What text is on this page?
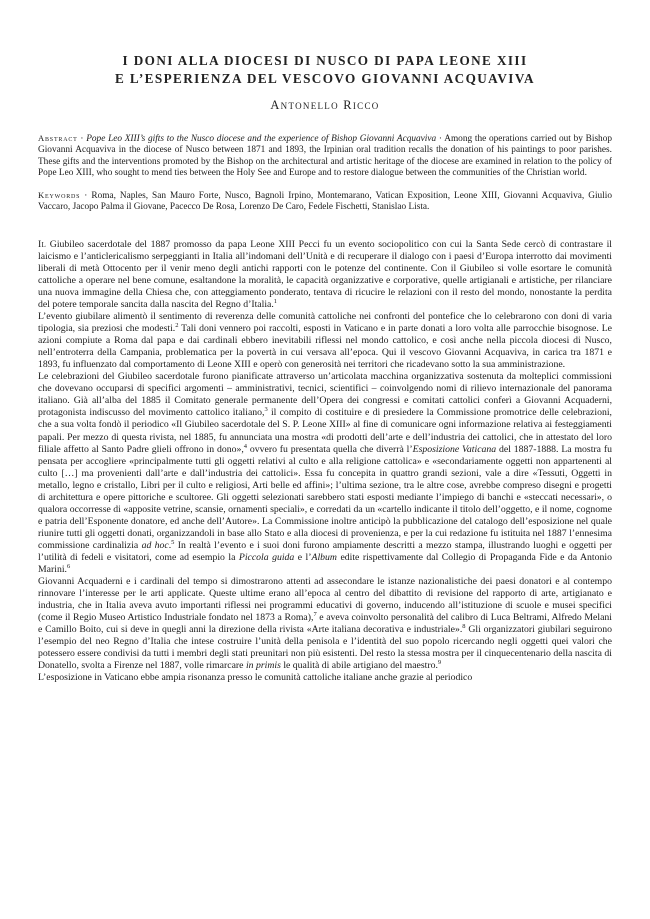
I DONI ALLA DIOCESI DI NUSCO DI PAPA LEONE XIII
E L’ESPERIENZA DEL VESCOVO GIOVANNI ACQUAVIVA
Antonello Ricco

Abstract · Pope Leo XIII’s gifts to the Nusco diocese and the experience of Bishop Giovanni Acquaviva · Among the operations carried out by Bishop Giovanni Acquaviva in the diocese of Nusco between 1871 and 1893, the Irpinian oral tradition recalls the donation of his paintings to poor parishes. These gifts and the interventions promoted by the Bishop on the architectural and artistic heritage of the diocese are examined in relation to the policy of Pope Leo XIII, who sought to mend ties between the Holy See and Europe and to restore dialogue between the communities of the Christian world.

Keywords · Roma, Naples, San Mauro Forte, Nusco, Bagnoli Irpino, Montemarano, Vatican Exposition, Leone XIII, Giovanni Acquaviva, Giulio Vaccaro, Jacopo Palma il Giovane, Pacecco De Rosa, Lorenzo De Caro, Fedele Fischetti, Stanislao Lista.

Il Giubileo sacerdotale del 1887 promosso da papa Leone XIII Pecci fu un evento sociopolitico con cui la Santa Sede cercò di contrastare il laicismo e l’anticlericalismo serpeggianti in Italia all’indomani dell’Unità e di recuperare il dialogo con i paesi d’Europa interrotto dai movimenti liberali di metà Ottocento per il venir meno degli antichi rapporti con le potenze del continente. Con il Giubileo si volle esortare le comunità cattoliche a operare nel bene comune, esaltandone la moralità, le capacità organizzative e corporative, quelle artigianali e artistiche, per rilanciare una nuova immagine della Chiesa che, con atteggiamento ponderato, tentava di ricucire le relazioni con il resto del mondo, nonostante la perdita del potere temporale sancita dalla nascita del Regno d’Italia.$^1$

L’evento giubilare alimentò il sentimento di reverenza delle comunità cattoliche nei confronti del pontefice che lo celebrarono con doni di varia tipologia, sia preziosi che modesti.$^2$ Tali doni vennero poi raccolti, esposti in Vaticano e in parte donati a loro volta alle parrocchie bisognose. Le azioni compiute a Roma dal papa e dai cardinali ebbero inevitabili riflessi nel mondo cattolico, e così anche nella piccola diocesi di Nusco, nell’entroterra della Campania, problematica per la povertà in cui versava all’epoca. Qui il vescovo Giovanni Acquaviva, in carica tra 1871 e 1893, fu influenzato dal comportamento di Leone XIII e operò con generosità nei territori che ricadevano sotto la sua amministrazione.

Le celebrazioni del Giubileo sacerdotale furono pianificate attraverso un’articolata macchina organizzativa sostenuta da molteplici commissioni che dovevano occuparsi di specifici argomenti – amministrativi, tecnici, scientifici – coinvolgendo nomi di rilievo internazionale del panorama italiano. Già all’alba del 1885 il Comitato generale permanente dell’Opera dei congressi e comitati cattolici conferì a Giovanni Acquaderni, protagonista indiscusso del movimento cattolico italiano,$^3$ il compito di costituire e di presiedere la Commissione promotrice delle celebrazioni, che a sua volta fondò il periodico «Il Giubileo sacerdotale del S. P. Leone XIII» al fine di comunicare ogni informazione relativa ai festeggiamenti papali. Per mezzo di questa rivista, nel 1885, fu annunciata una mostra «di prodotti dell’arte e dell’industria dei cattolici, che in attestato del loro filiale affetto al Santo Padre glieli offrono in dono»,$^4$ ovvero fu presentata quella che diverrà l’Esposizione Vaticana del 1887-1888. La mostra fu pensata per accogliere «principalmente tutti gli oggetti relativi al culto e alla religione cattolica» e «secondariamente oggetti non appartenenti al culto […] ma provenienti dall’arte e dall’industria dei cattolici». Essa fu concepita in quattro grandi sezioni, vale a dire «Tessuti, Oggetti in metallo, legno e cristallo, Libri per il culto e religiosi, Arti belle ed affini»; l’ultima sezione, tra le altre cose, avrebbe compreso disegni e progetti di architettura e opere pittoriche e scultoree. Gli oggetti selezionati sarebbero stati esposti mediante l’impiego di banchi e «steccati necessari», o qualora occorresse di «apposite vetrine, scansie, ornamenti speciali», e corredati da un «cartello indicante il titolo dell’oggetto, e il nome, cognome e patria dell’Esponente donatore, ed anche dell’Autore». La Commissione inoltre anticipò la pubblicazione del catalogo dell’esposizione nel quale riunire tutti gli oggetti donati, organizzandoli in base allo Stato e alla diocesi di provenienza, e per la cui redazione fu istituita nel 1887 l’ennesima commissione cardinalizia ad hoc.$^5$ In realtà l’evento e i suoi doni furono ampiamente descritti a mezzo stampa, illustrando luoghi e oggetti per l’utilità di fedeli e visitatori, come ad esempio la Piccola guida e l’Album edite rispettivamente dal Collegio di Propaganda Fide e da Antonio Marini.$^6$

Giovanni Acquaderni e i cardinali del tempo si dimostrarono attenti ad assecondare le istanze nazionalistiche dei paesi donatori e al contempo rinnovare l’interesse per le arti applicate. Queste ultime erano all’epoca al centro del dibattito di revisione del rapporto di arte, artigianato e industria, che in Italia aveva avuto importanti riflessi nei programmi educativi di governo, inducendo all’istituzione di scuole e musei specifici (come il Regio Museo Artistico Industriale fondato nel 1873 a Roma),$^7$ e aveva coinvolto personalità del calibro di Luca Beltrami, Alfredo Melani e Camillo Boito, cui si deve in quegli anni la direzione della rivista «Arte italiana decorativa e industriale».$^8$ Gli organizzatori giubilari seguirono l’esempio del neo Regno d’Italia che intese costruire l’unità della penisola e l’identità del suo popolo ricercando negli oggetti quei valori che potessero essere condivisi da tutti i membri degli stati preunitari non più esistenti. Del resto la stessa mostra per il cinquecentenario della nascita di Donatello, svolta a Firenze nel 1887, volle rimarcare in primis le qualità di abile artigiano del maestro.$^9$

L’esposizione in Vaticano ebbe ampia risonanza presso le comunità cattoliche italiane anche grazie al periodico
